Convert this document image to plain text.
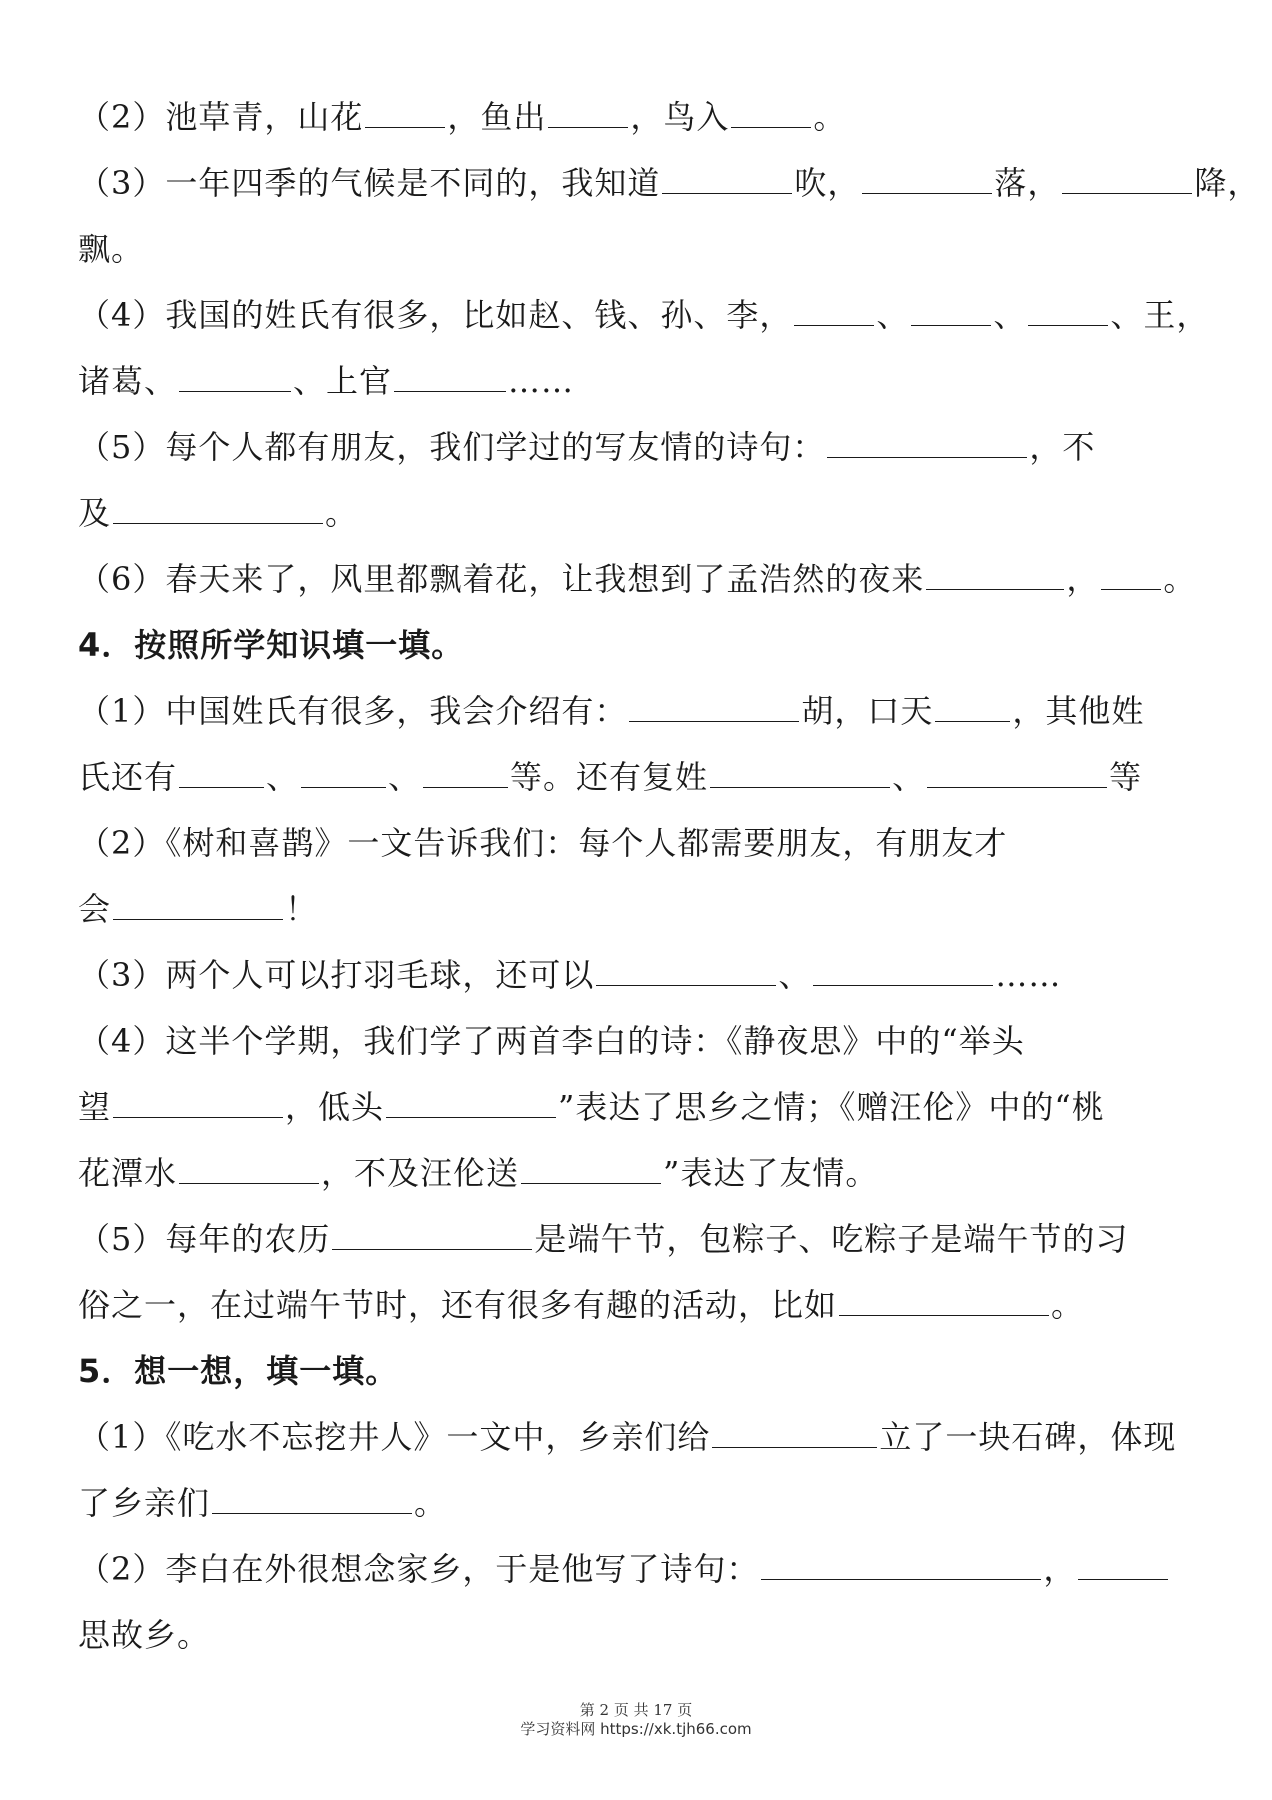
（2）池草青，山花	，鱼出	，鸟入	。
（3）一年四季的气候是不同的，我知道	吹，	落，	降，
飘。
（4）我国的姓氏有很多，比如赵、钱、孙、李，	、	、	、王，
诸葛、	、上官	……
（5）每个人都有朋友，我们学过的写友情的诗句：	，不
及	。
（6）春天来了，风里都飘着花，让我想到了孟浩然的夜来	， 。
4．按照所学知识填一填。
（1）中国姓氏有很多，我会介绍有：	胡，口天 ，其他姓
氏还有	、	、	等。还有复姓	、	等
（2）《树和喜鹊》一文告诉我们：每个人都需要朋友，有朋友才
会	！
（3）两个人可以打羽毛球，还可以	、	……
（4）这半个学期，我们学了两首李白的诗：《静夜思》中的“举头
望	，低头	”表达了思乡之情；《赠汪伦》中的“桃
花潭水	，不及汪伦送	”表达了友情。
（5）每年的农历	是端午节，包粽子、吃粽子是端午节的习
俗之一，在过端午节时，还有很多有趣的活动，比如	。
5．想一想，填一填。
（1）《吃水不忘挖井人》一文中，乡亲们给	立了一块石碑，体现
了乡亲们	。
（2）李白在外很想念家乡，于是他写了诗句：	，
思故乡。
第 2 页 共 17 页
学习资料网 https://xk.tjh66.com
